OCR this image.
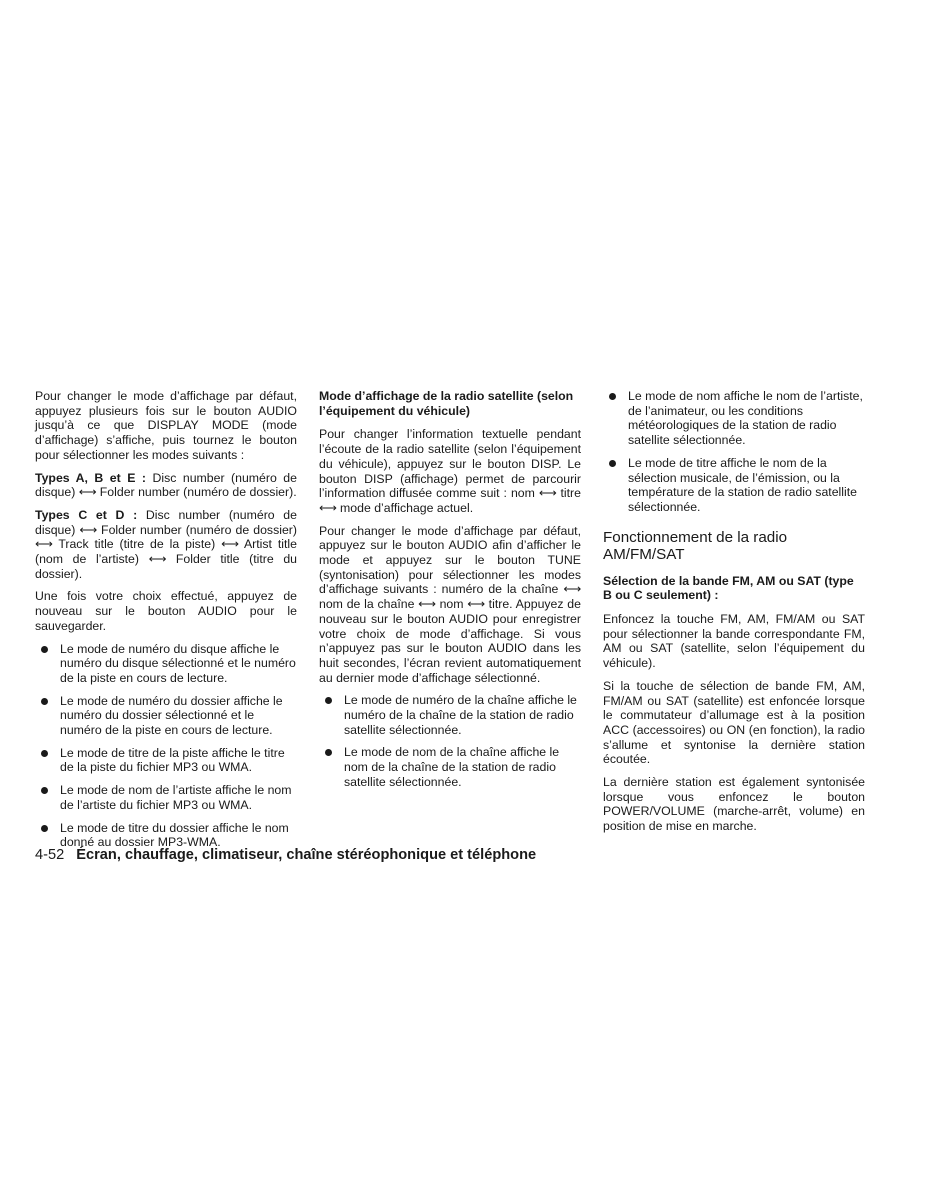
Pour changer le mode d’affichage par défaut, appuyez plusieurs fois sur le bouton AUDIO jusqu’à ce que DISPLAY MODE (mode d’affichage) s’affiche, puis tournez le bouton pour sélectionner les modes suivants :

Types A, B et E : Disc number (numéro de disque) ⟷ Folder number (numéro de dossier).

Types C et D : Disc number (numéro de disque) ⟷ Folder number (numéro de dossier) ⟷ Track title (titre de la piste) ⟷ Artist title (nom de l’artiste) ⟷ Folder title (titre du dossier).

Une fois votre choix effectué, appuyez de nouveau sur le bouton AUDIO pour le sauvegarder.

Le mode de numéro du disque affiche le numéro du disque sélectionné et le numéro de la piste en cours de lecture.
Le mode de numéro du dossier affiche le numéro du dossier sélectionné et le numéro de la piste en cours de lecture.
Le mode de titre de la piste affiche le titre de la piste du fichier MP3 ou WMA.
Le mode de nom de l’artiste affiche le nom de l’artiste du fichier MP3 ou WMA.
Le mode de titre du dossier affiche le nom donné au dossier MP3-WMA.

Mode d’affichage de la radio satellite (selon l’équipement du véhicule)

Pour changer l’information textuelle pendant l’écoute de la radio satellite (selon l’équipement du véhicule), appuyez sur le bouton DISP. Le bouton DISP (affichage) permet de parcourir l’information diffusée comme suit : nom ⟷ titre ⟷ mode d’affichage actuel.

Pour changer le mode d’affichage par défaut, appuyez sur le bouton AUDIO afin d’afficher le mode et appuyez sur le bouton TUNE (syntonisation) pour sélectionner les modes d’affichage suivants : numéro de la chaîne ⟷ nom de la chaîne ⟷ nom ⟷ titre. Appuyez de nouveau sur le bouton AUDIO pour enregistrer votre choix de mode d’affichage. Si vous n’appuyez pas sur le bouton AUDIO dans les huit secondes, l’écran revient automatiquement au dernier mode d’affichage sélectionné.

Le mode de numéro de la chaîne affiche le numéro de la chaîne de la station de radio satellite sélectionnée.
Le mode de nom de la chaîne affiche le nom de la chaîne de la station de radio satellite sélectionnée.
Le mode de nom affiche le nom de l’artiste, de l’animateur, ou les conditions météorologiques de la station de radio satellite sélectionnée.
Le mode de titre affiche le nom de la sélection musicale, de l’émission, ou la température de la station de radio satellite sélectionnée.

Fonctionnement de la radio AM/FM/SAT

Sélection de la bande FM, AM ou SAT (type B ou C seulement) :

Enfoncez la touche FM, AM, FM/AM ou SAT pour sélectionner la bande correspondante FM, AM ou SAT (satellite, selon l’équipement du véhicule).

Si la touche de sélection de bande FM, AM, FM/AM ou SAT (satellite) est enfoncée lorsque le commutateur d’allumage est à la position ACC (accessoires) ou ON (en fonction), la radio s’allume et syntonise la dernière station écoutée.

La dernière station est également syntonisée lorsque vous enfoncez le bouton POWER/VOLUME (marche-arrêt, volume) en position de mise en marche.

4-52 Écran, chauffage, climatiseur, chaîne stéréophonique et téléphone
